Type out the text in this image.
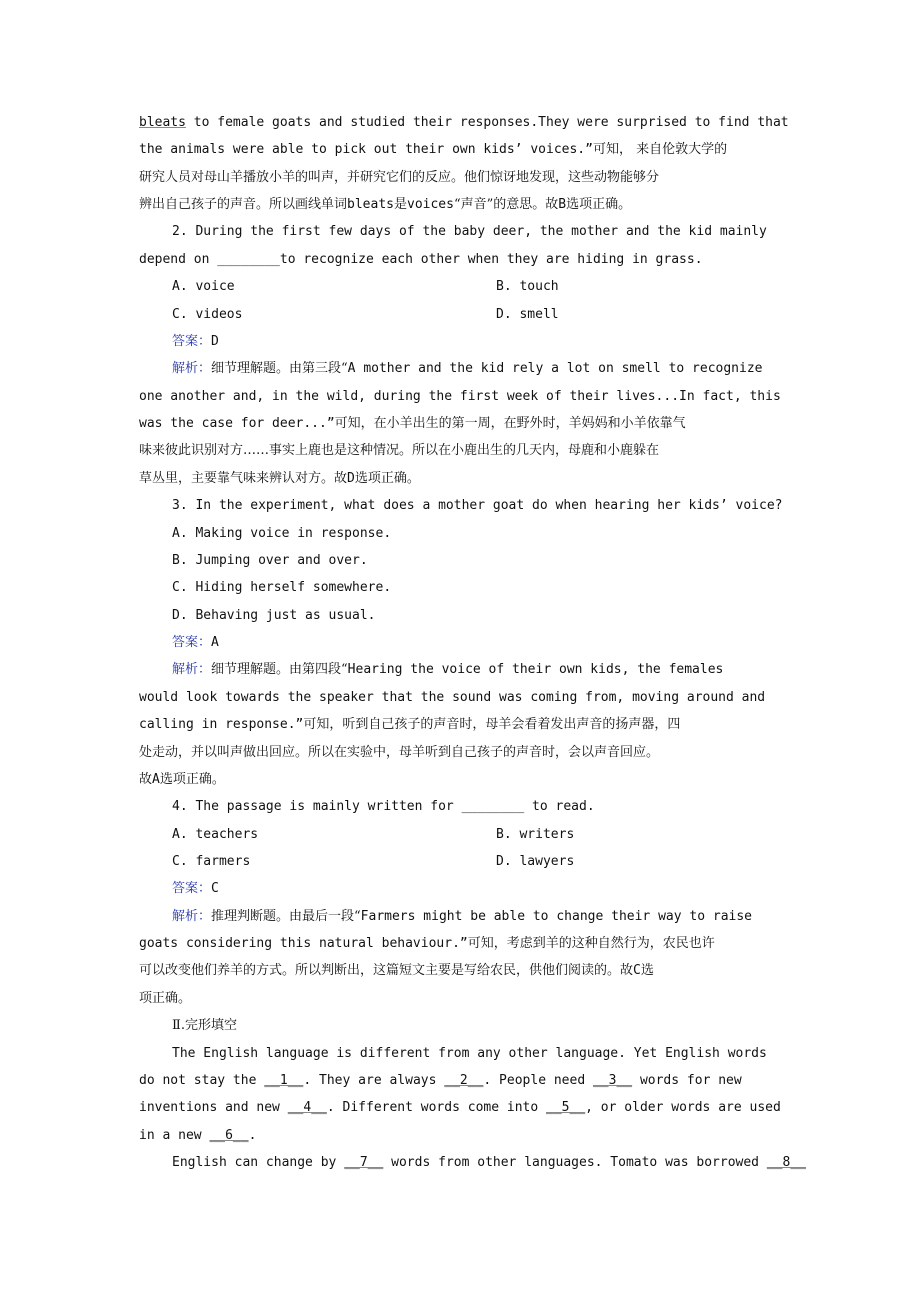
bleats to female goats and studied their responses.They were surprised to find that
the animals were able to pick out their own kids’ voices.”可知， 来自伦敦大学的
研究人员对母山羊播放小羊的叫声，并研究它们的反应。他们惊讶地发现，这些动物能够分
辨出自己孩子的声音。所以画线单词bleats是voices“声音”的意思。故B选项正确。
2. During the first few days of the baby deer, the mother and the kid mainly
depend on ________to recognize each other when they are hiding in grass.
A. voice	B. touch
C. videos	D. smell
答案：D
解析：细节理解题。由第三段“A mother and the kid rely a lot on smell to recognize
one another and, in the wild, during the first week of their lives...In fact, this
was the case for deer...”可知，在小羊出生的第一周，在野外时，羊妈妈和小羊依靠气
味来彼此识别对方……事实上鹿也是这种情况。所以在小鹿出生的几天内，母鹿和小鹿躲在
草丛里，主要靠气味来辨认对方。故D选项正确。
3. In the experiment, what does a mother goat do when hearing her kids’ voice?
A. Making voice in response.
B. Jumping over and over.
C. Hiding herself somewhere.
D. Behaving just as usual.
答案：A
解析：细节理解题。由第四段“Hearing the voice of their own kids, the females
would look towards the speaker that the sound was coming from, moving around and
calling in response.”可知，听到自己孩子的声音时，母羊会看着发出声音的扬声器，四
处走动，并以叫声做出回应。所以在实验中，母羊听到自己孩子的声音时，会以声音回应。
故A选项正确。
4. The passage is mainly written for ________ to read.
A. teachers	B. writers
C. farmers	D. lawyers
答案：C
解析：推理判断题。由最后一段“Farmers might be able to change their way to raise
goats considering this natural behaviour.”可知，考虑到羊的这种自然行为，农民也许
可以改变他们养羊的方式。所以判断出，这篇短文主要是写给农民，供他们阅读的。故C选
项正确。
Ⅱ.完形填空
The English language is different from any other language. Yet English words
do not stay the __1__. They are always __2__. People need __3__ words for new
inventions and new __4__. Different words come into __5__, or older words are used
in a new __6__.
English can change by __7__ words from other languages. Tomato was borrowed __8__
